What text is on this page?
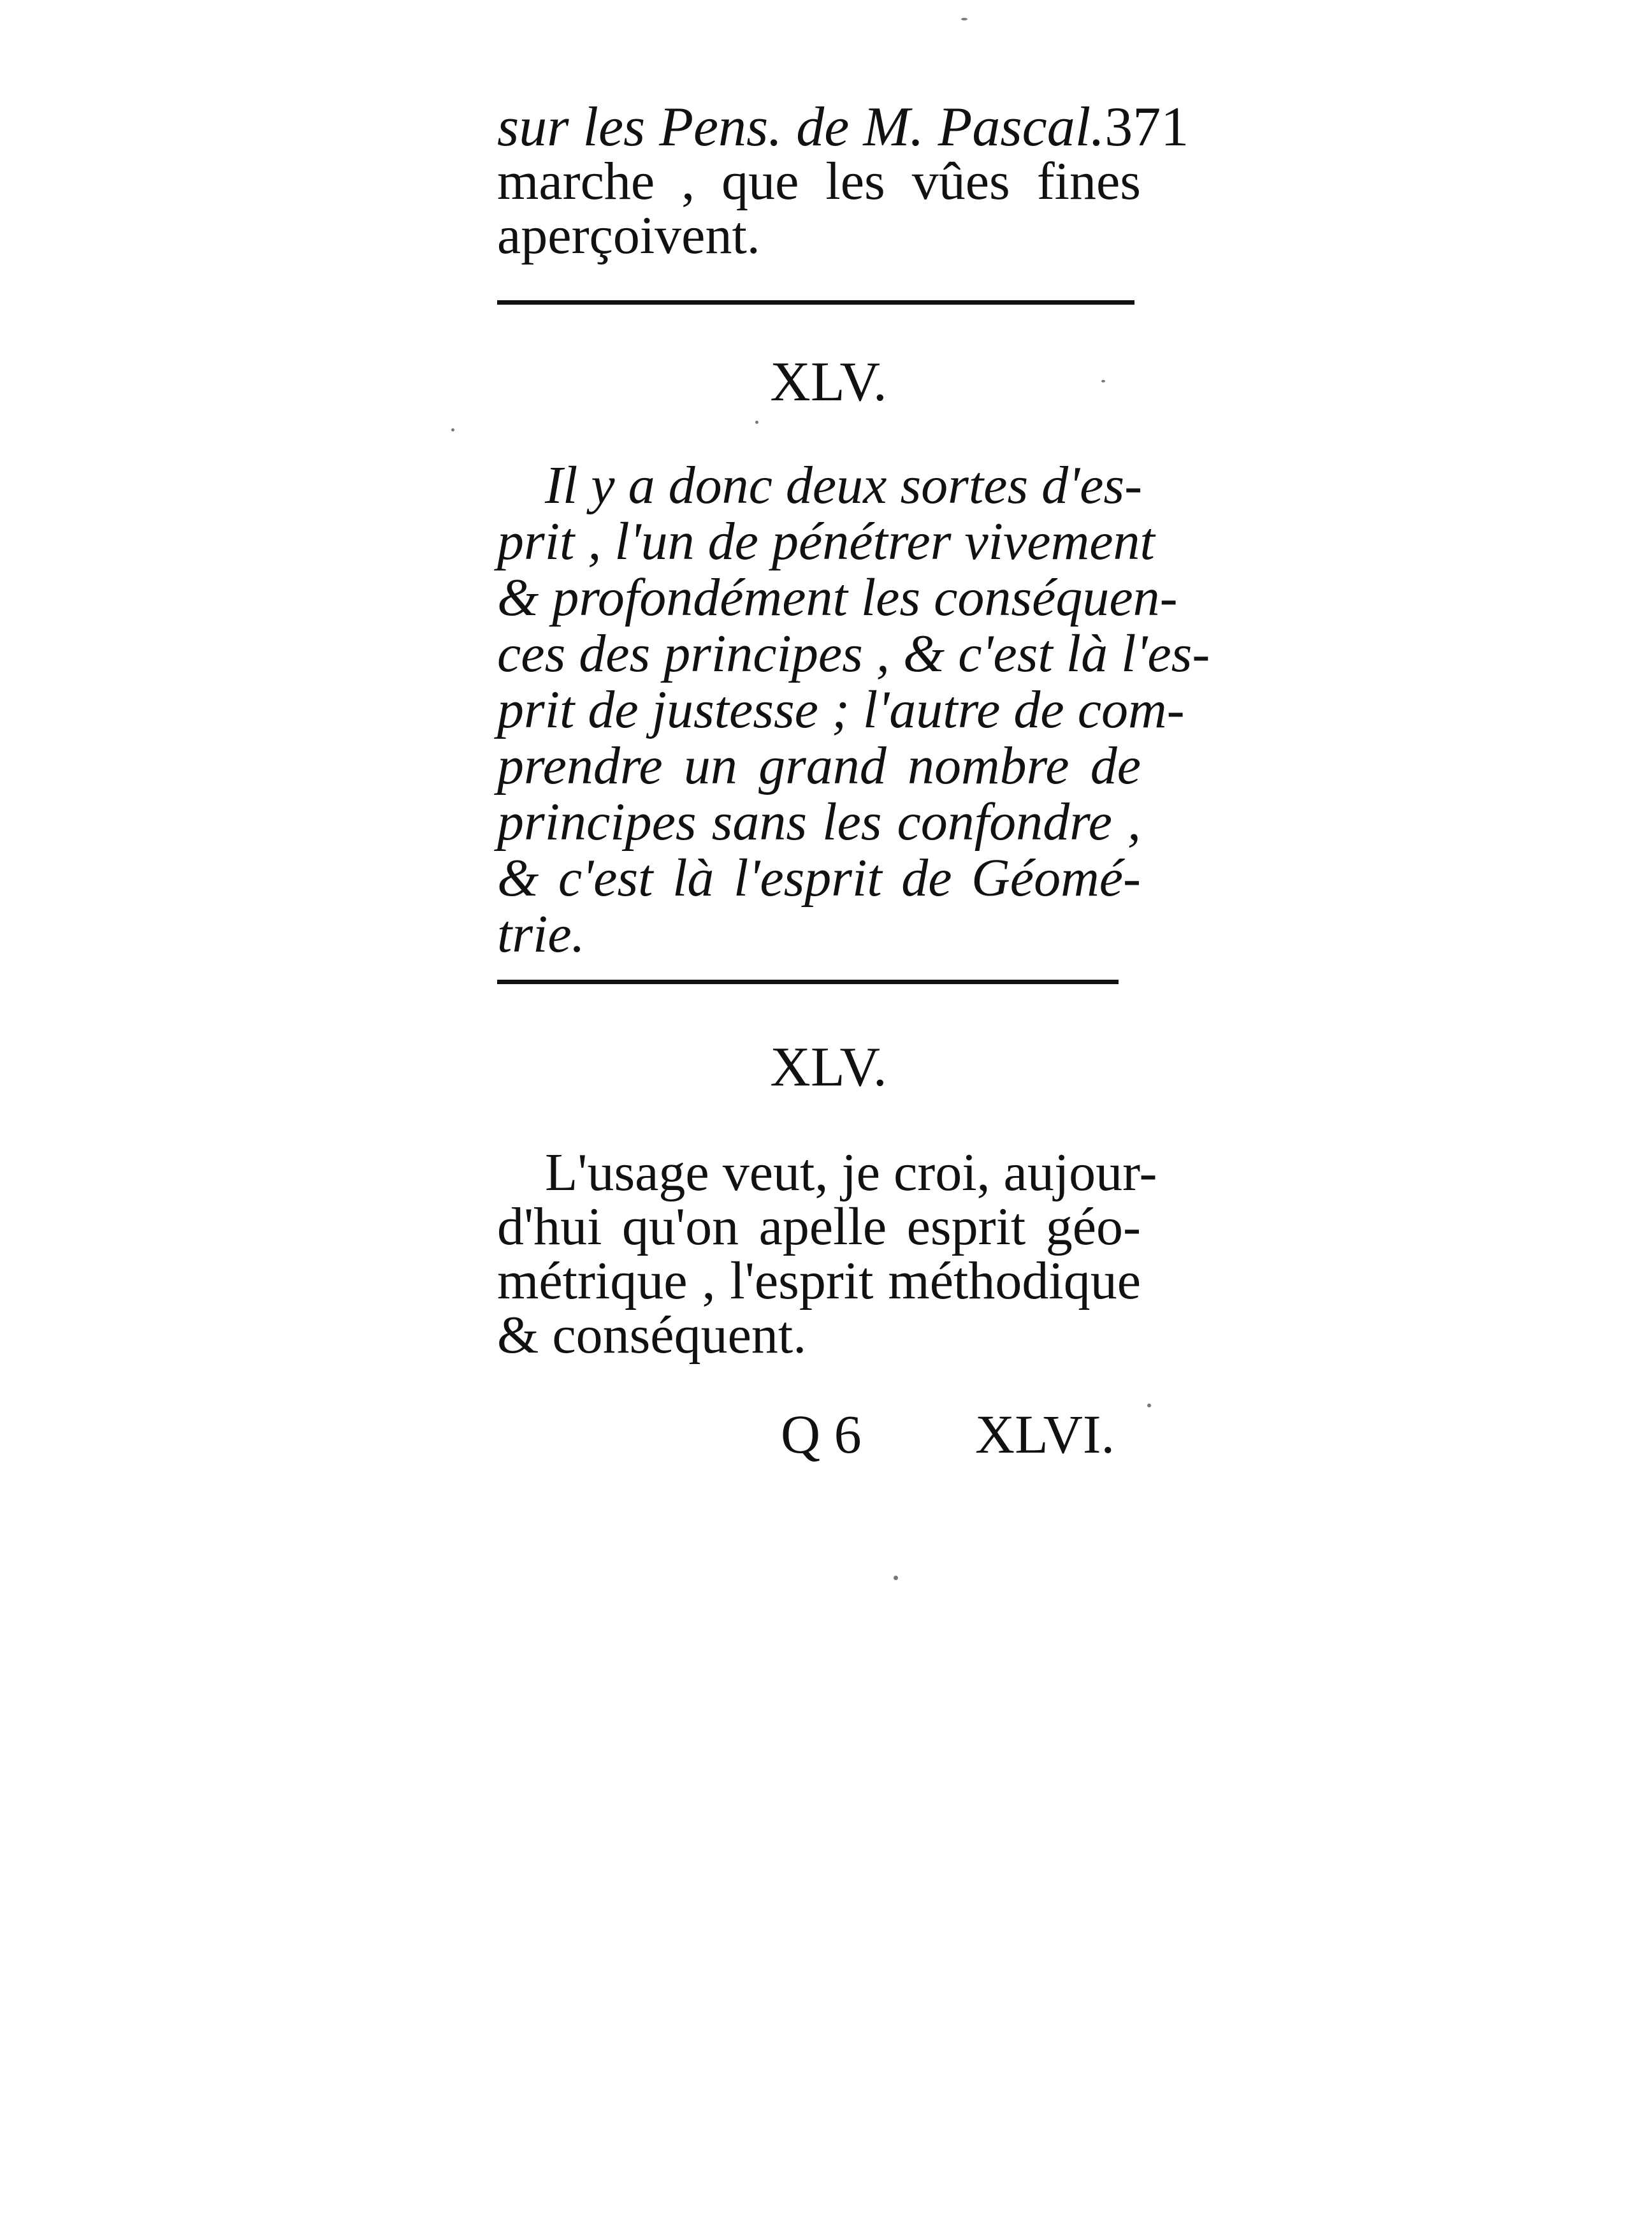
sur les Pens. de M. Pascal. 371

marche , que les vûes fines

aperçoivent.

XLV.

Il y a donc deux sortes d'es-

prit , l'un de pénétrer vivement

& profondément les conséquen-

ces des principes , & c'est là l'es-

prit de justesse ; l'autre de com-

prendre un grand nombre de

principes sans les confondre ,

& c'est là l'esprit de Géomé-

trie.

XLV.

L'usage veut, je croi, aujour-

d'hui qu'on apelle esprit géo-

métrique , l'esprit méthodique

& conséquent.

Q 6	XLVI.
